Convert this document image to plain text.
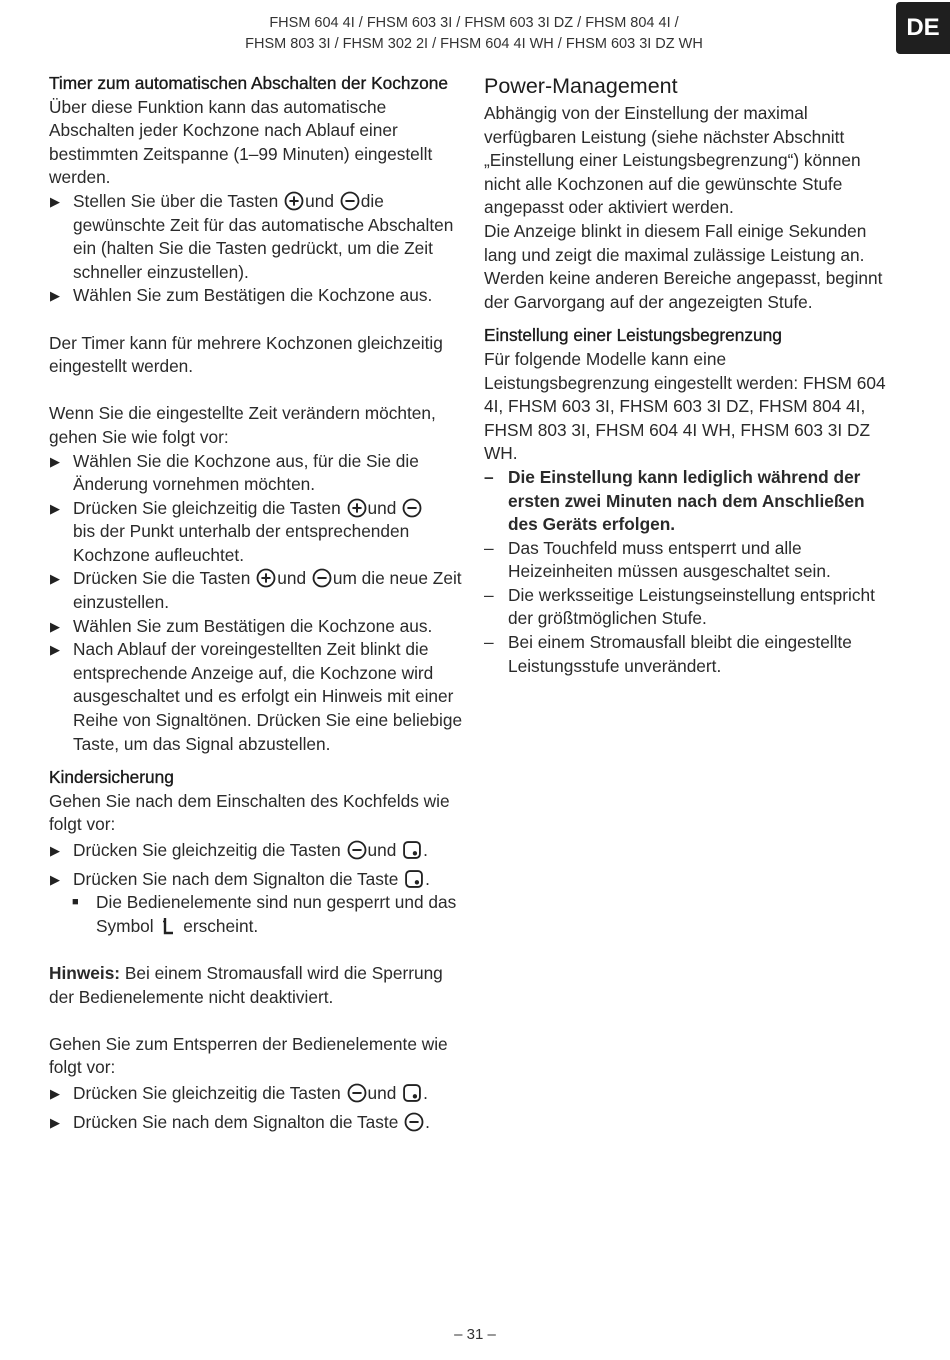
FHSM 604 4I / FHSM 603 3I / FHSM 603 3I DZ / FHSM 804 4I /
FHSM 803 3I / FHSM 302 2I / FHSM 604 4I WH / FHSM 603 3I DZ WH
DE
Timer zum automatischen Abschalten der Kochzone

Über diese Funktion kann das automatische Abschalten jeder Kochzone nach Ablauf einer bestimmten Zeitspanne (1–99 Minuten) eingestellt werden.

▶ Stellen Sie über die Tasten und die gewünschte Zeit für das automatische Abschalten ein (halten Sie die Tasten gedrückt, um die Zeit schneller einzustellen).
▶ Wählen Sie zum Bestätigen die Kochzone aus.

Der Timer kann für mehrere Kochzonen gleichzeitig eingestellt werden.

Wenn Sie die eingestellte Zeit verändern möchten, gehen Sie wie folgt vor:

▶ Wählen Sie die Kochzone aus, für die Sie die Änderung vornehmen möchten.
▶ Drücken Sie gleichzeitig die Tasten und
bis der Punkt unterhalb der entsprechenden Kochzone aufleuchtet.
▶ Drücken Sie die Tasten und um die neue Zeit einzustellen.
▶ Wählen Sie zum Bestätigen die Kochzone aus.
▶ Nach Ablauf der voreingestellten Zeit blinkt die entsprechende Anzeige auf, die Kochzone wird ausgeschaltet und es erfolgt ein Hinweis mit einer Reihe von Signaltönen. Drücken Sie eine beliebige Taste, um das Signal abzustellen.
Kindersicherung

Gehen Sie nach dem Einschalten des Kochfelds wie folgt vor:

▶ Drücken Sie gleichzeitig die Tasten und .
▶ Drücken Sie nach dem Signalton die Taste .
■ Die Bedienelemente sind nun gesperrt und das Symbol erscheint.

Hinweis: Bei einem Stromausfall wird die Sperrung der Bedienelemente nicht deaktiviert.

Gehen Sie zum Entsperren der Bedienelemente wie folgt vor:

▶ Drücken Sie gleichzeitig die Tasten und .
▶ Drücken Sie nach dem Signalton die Taste .
Power-Management

Abhängig von der Einstellung der maximal verfügbaren Leistung (siehe nächster Abschnitt „Einstellung einer Leistungsbegrenzung“) können nicht alle Kochzonen auf die gewünschte Stufe angepasst oder aktiviert werden.

Die Anzeige blinkt in diesem Fall einige Sekunden lang und zeigt die maximal zulässige Leistung an. Werden keine anderen Bereiche angepasst, beginnt der Garvorgang auf der angezeigten Stufe.

Einstellung einer Leistungsbegrenzung

Für folgende Modelle kann eine Leistungsbegrenzung eingestellt werden: FHSM 604 4I, FHSM 603 3I, FHSM 603 3I DZ, FHSM 804 4I, FHSM 803 3I, FHSM 604 4I WH, FHSM 603 3I DZ WH.

– Die Einstellung kann lediglich während der ersten zwei Minuten nach dem Anschließen des Geräts erfolgen.
– Das Touchfeld muss entsperrt und alle Heizeinheiten müssen ausgeschaltet sein.
– Die werksseitige Leistungseinstellung entspricht der größtmöglichen Stufe.
– Bei einem Stromausfall bleibt die eingestellte Leistungsstufe unverändert.
– 31 –
